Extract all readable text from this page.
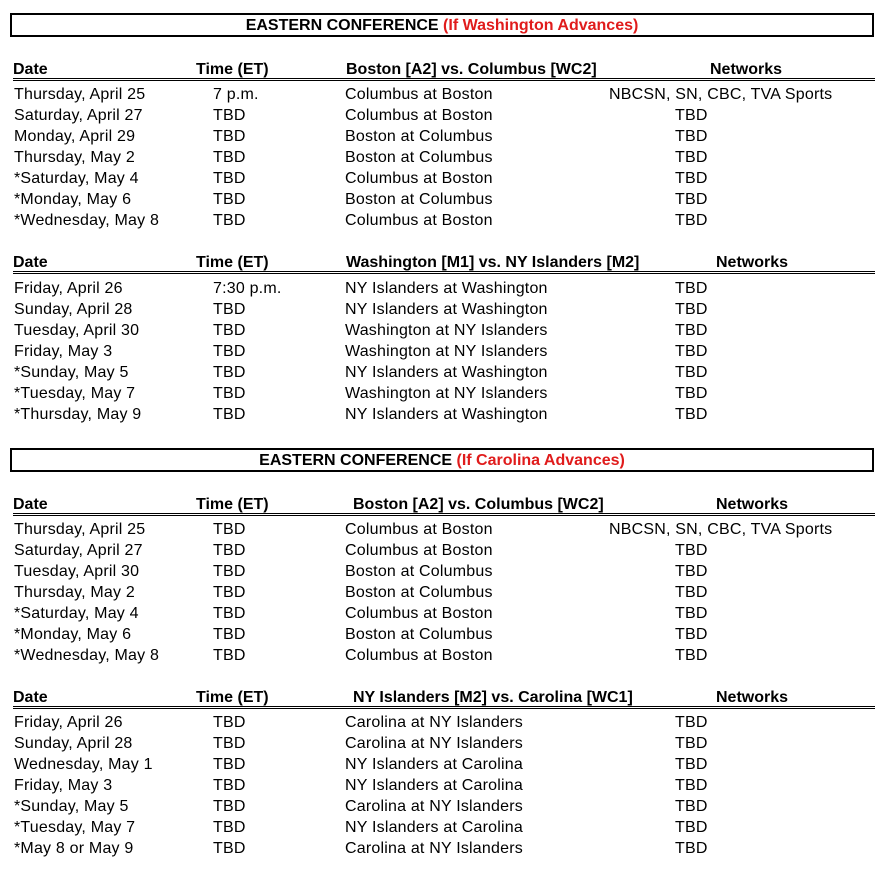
EASTERN CONFERENCE (If Washington Advances)
Date	Time (ET)	Boston [A2] vs. Columbus [WC2]	Networks
Thursday, April 25	7 p.m.	Columbus at Boston	NBCSN, SN, CBC, TVA Sports
Saturday, April 27	TBD	Columbus at Boston	TBD
Monday, April 29	TBD	Boston at Columbus	TBD
Thursday, May 2	TBD	Boston at Columbus	TBD
*Saturday, May 4	TBD	Columbus at Boston	TBD
*Monday, May 6	TBD	Boston at Columbus	TBD
*Wednesday, May 8	TBD	Columbus at Boston	TBD
Date	Time (ET)	Washington [M1] vs. NY Islanders [M2]	Networks
Friday, April 26	7:30 p.m.	NY Islanders at Washington	TBD
Sunday, April 28	TBD	NY Islanders at Washington	TBD
Tuesday, April 30	TBD	Washington at NY Islanders	TBD
Friday, May 3	TBD	Washington at NY Islanders	TBD
*Sunday, May 5	TBD	NY Islanders at Washington	TBD
*Tuesday, May 7	TBD	Washington at NY Islanders	TBD
*Thursday, May 9	TBD	NY Islanders at Washington	TBD
EASTERN CONFERENCE (If Carolina Advances)
Date	Time (ET)	Boston [A2] vs. Columbus [WC2]	Networks
Thursday, April 25	TBD	Columbus at Boston	NBCSN, SN, CBC, TVA Sports
Saturday, April 27	TBD	Columbus at Boston	TBD
Tuesday, April 30	TBD	Boston at Columbus	TBD
Thursday, May 2	TBD	Boston at Columbus	TBD
*Saturday, May 4	TBD	Columbus at Boston	TBD
*Monday, May 6	TBD	Boston at Columbus	TBD
*Wednesday, May 8	TBD	Columbus at Boston	TBD
Date	Time (ET)	NY Islanders [M2] vs. Carolina [WC1]	Networks
Friday, April 26	TBD	Carolina at NY Islanders	TBD
Sunday, April 28	TBD	Carolina at NY Islanders	TBD
Wednesday, May 1	TBD	NY Islanders at Carolina	TBD
Friday, May 3	TBD	NY Islanders at Carolina	TBD
*Sunday, May 5	TBD	Carolina at NY Islanders	TBD
*Tuesday, May 7	TBD	NY Islanders at Carolina	TBD
*May 8 or May 9	TBD	Carolina at NY Islanders	TBD
